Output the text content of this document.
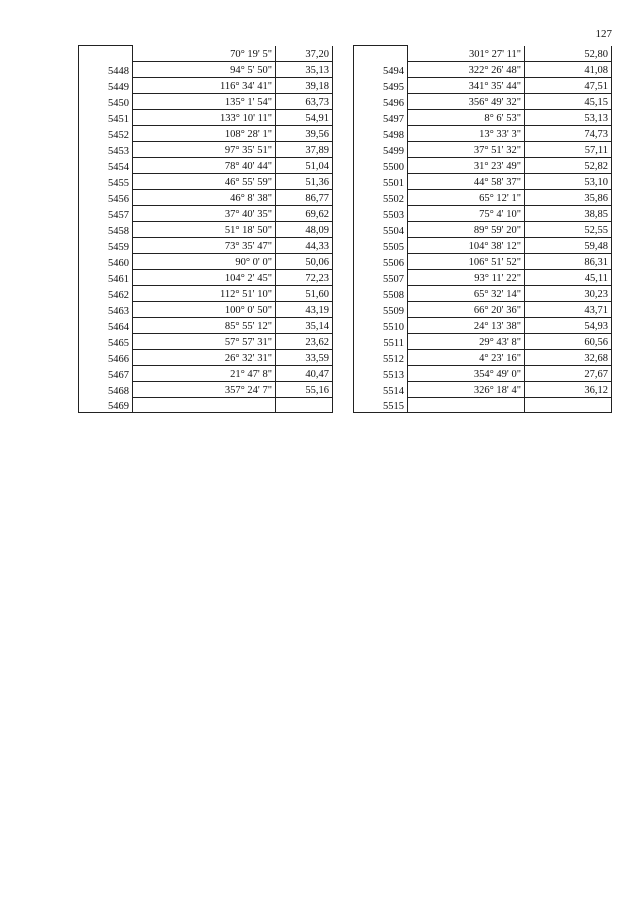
127
	70° 19' 5"	37,20
5448	94° 5' 50"	35,13
5449	116° 34' 41"	39,18
5450	135° 1' 54"	63,73
5451	133° 10' 11"	54,91
5452	108° 28' 1"	39,56
5453	97° 35' 51"	37,89
5454	78° 40' 44"	51,04
5455	46° 55' 59"	51,36
5456	46° 8' 38"	86,77
5457	37° 40' 35"	69,62
5458	51° 18' 50"	48,09
5459	73° 35' 47"	44,33
5460	90° 0' 0"	50,06
5461	104° 2' 45"	72,23
5462	112° 51' 10"	51,60
5463	100° 0' 50"	43,19
5464	85° 55' 12"	35,14
5465	57° 57' 31"	23,62
5466	26° 32' 31"	33,59
5467	21° 47' 8"	40,47
5468	357° 24' 7"	55,16
5469		
	301° 27' 11"	52,80
5494	322° 26' 48"	41,08
5495	341° 35' 44"	47,51
5496	356° 49' 32"	45,15
5497	8° 6' 53"	53,13
5498	13° 33' 3"	74,73
5499	37° 51' 32"	57,11
5500	31° 23' 49"	52,82
5501	44° 58' 37"	53,10
5502	65° 12' 1"	35,86
5503	75° 4' 10"	38,85
5504	89° 59' 20"	52,55
5505	104° 38' 12"	59,48
5506	106° 51' 52"	86,31
5507	93° 11' 22"	45,11
5508	65° 32' 14"	30,23
5509	66° 20' 36"	43,71
5510	24° 13' 38"	54,93
5511	29° 43' 8"	60,56
5512	4° 23' 16"	32,68
5513	354° 49' 0"	27,67
5514	326° 18' 4"	36,12
5515		
